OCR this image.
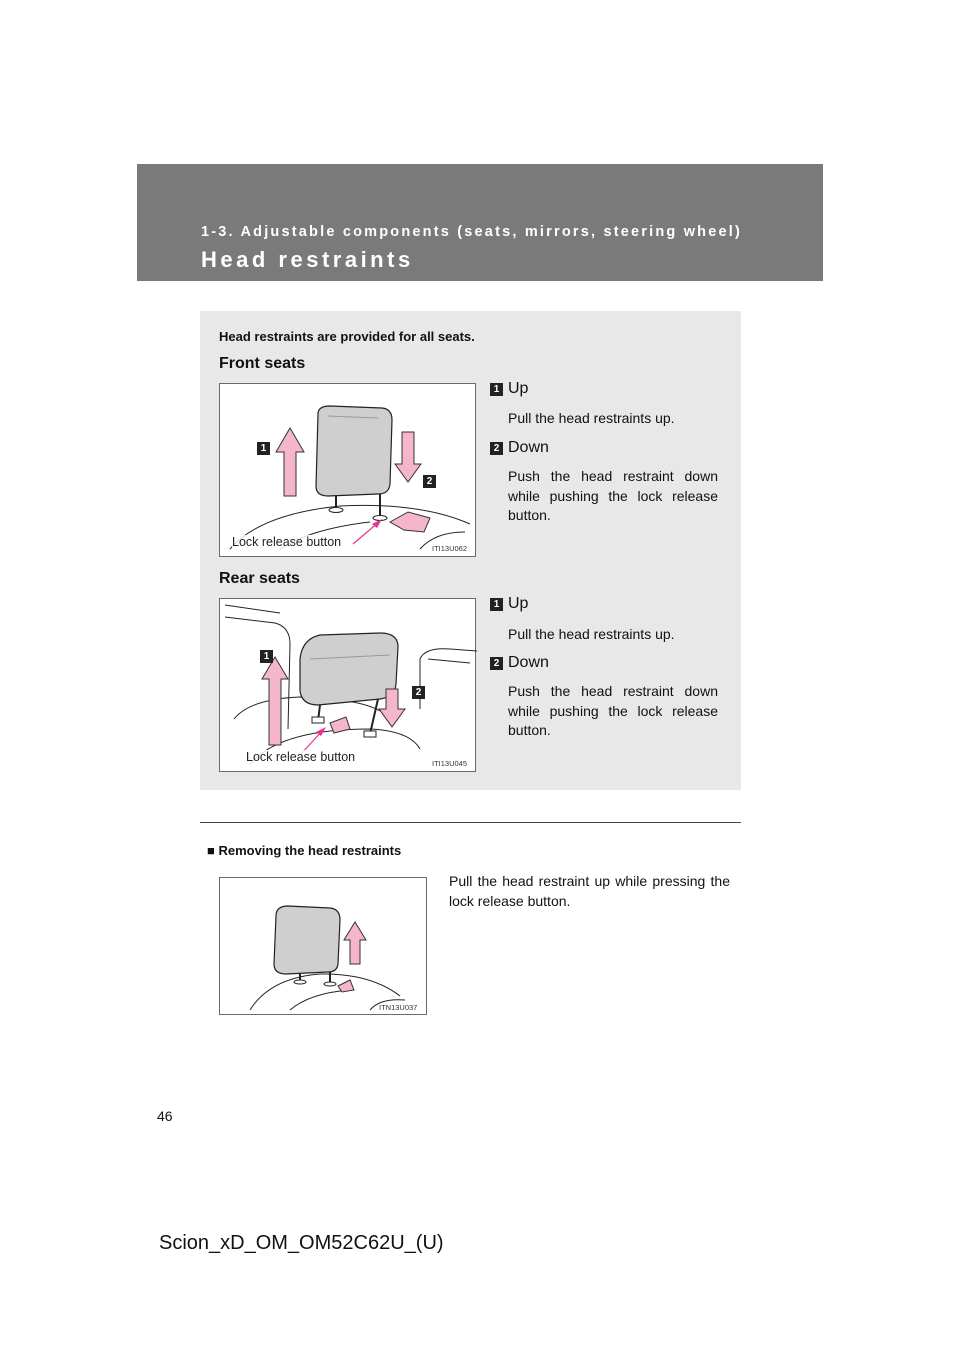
1-3. Adjustable components (seats, mirrors, steering wheel)
Head restraints
Head restraints are provided for all seats.
Front seats
1
2
Lock release button	ITI13U062
1 Up
Pull the head restraints up.
2 Down
Push the head restraint down while pushing the lock release button.
Rear seats
1
2
Lock release button	ITI13U045
1 Up
Pull the head restraints up.
2 Down
Push the head restraint down while pushing the lock release button.
■ Removing the head restraints
ITN13U037
Pull the head restraint up while pressing the lock release button.
46
Scion_xD_OM_OM52C62U_(U)
